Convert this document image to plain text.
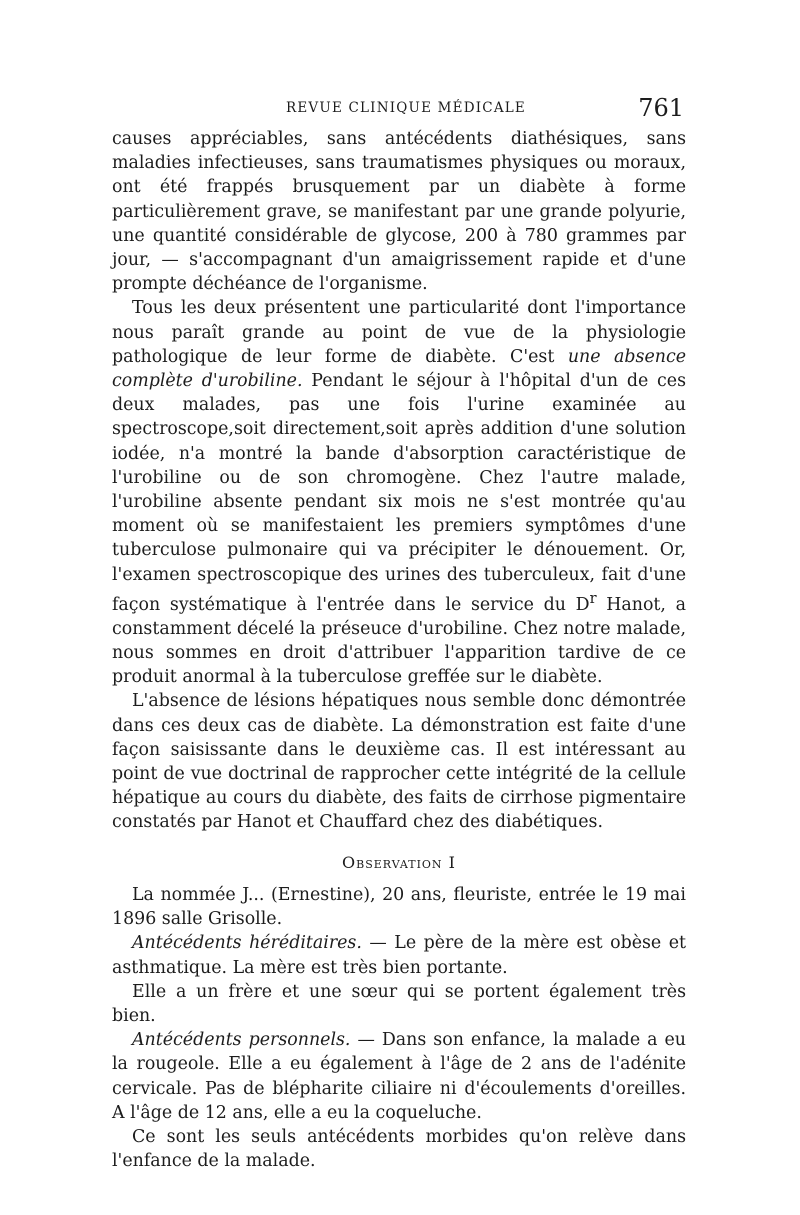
REVUE CLINIQUE MÉDICALE	761

causes appréciables, sans antécédents diathésiques, sans maladies infectieuses, sans traumatismes physiques ou moraux, ont été frappés brusquement par un diabète à forme particulièrement grave, se manifestant par une grande polyurie, une quantité considérable de glycose, 200 à 780 grammes par jour, — s'accompagnant d'un amaigrissement rapide et d'une prompte déchéance de l'organisme.

Tous les deux présentent une particularité dont l'importance nous paraît grande au point de vue de la physiologie pathologique de leur forme de diabète. C'est une absence complète d'urobiline. Pendant le séjour à l'hôpital d'un de ces deux malades, pas une fois l'urine examinée au spectroscope,soit directement,soit après addition d'une solution iodée, n'a montré la bande d'absorption caractéristique de l'urobiline ou de son chromogène. Chez l'autre malade, l'urobiline absente pendant six mois ne s'est montrée qu'au moment où se manifestaient les premiers symptômes d'une tuberculose pulmonaire qui va précipiter le dénouement. Or, l'examen spectroscopique des urines des tuberculeux, fait d'une façon systématique à l'entrée dans le service du $D^r$ Hanot, a constamment décelé la préseuce d'urobiline. Chez notre malade, nous sommes en droit d'attribuer l'apparition tardive de ce produit anormal à la tuberculose greffée sur le diabète.

L'absence de lésions hépatiques nous semble donc démontrée dans ces deux cas de diabète. La démonstration est faite d'une façon saisissante dans le deuxième cas. Il est intéressant au point de vue doctrinal de rapprocher cette intégrité de la cellule hépatique au cours du diabète, des faits de cirrhose pigmentaire constatés par Hanot et Chauffard chez des diabétiques.

Observation I

La nommée J... (Ernestine), 20 ans, fleuriste, entrée le 19 mai 1896 salle Grisolle.

Antécédents héréditaires. — Le père de la mère est obèse et asthmatique. La mère est très bien portante.

Elle a un frère et une sœur qui se portent également très bien.

Antécédents personnels. — Dans son enfance, la malade a eu la rougeole. Elle a eu également à l'âge de 2 ans de l'adénite cervicale. Pas de blépharite ciliaire ni d'écoulements d'oreilles. A l'âge de 12 ans, elle a eu la coqueluche.

Ce sont les seuls antécédents morbides qu'on relève dans l'enfance de la malade.
